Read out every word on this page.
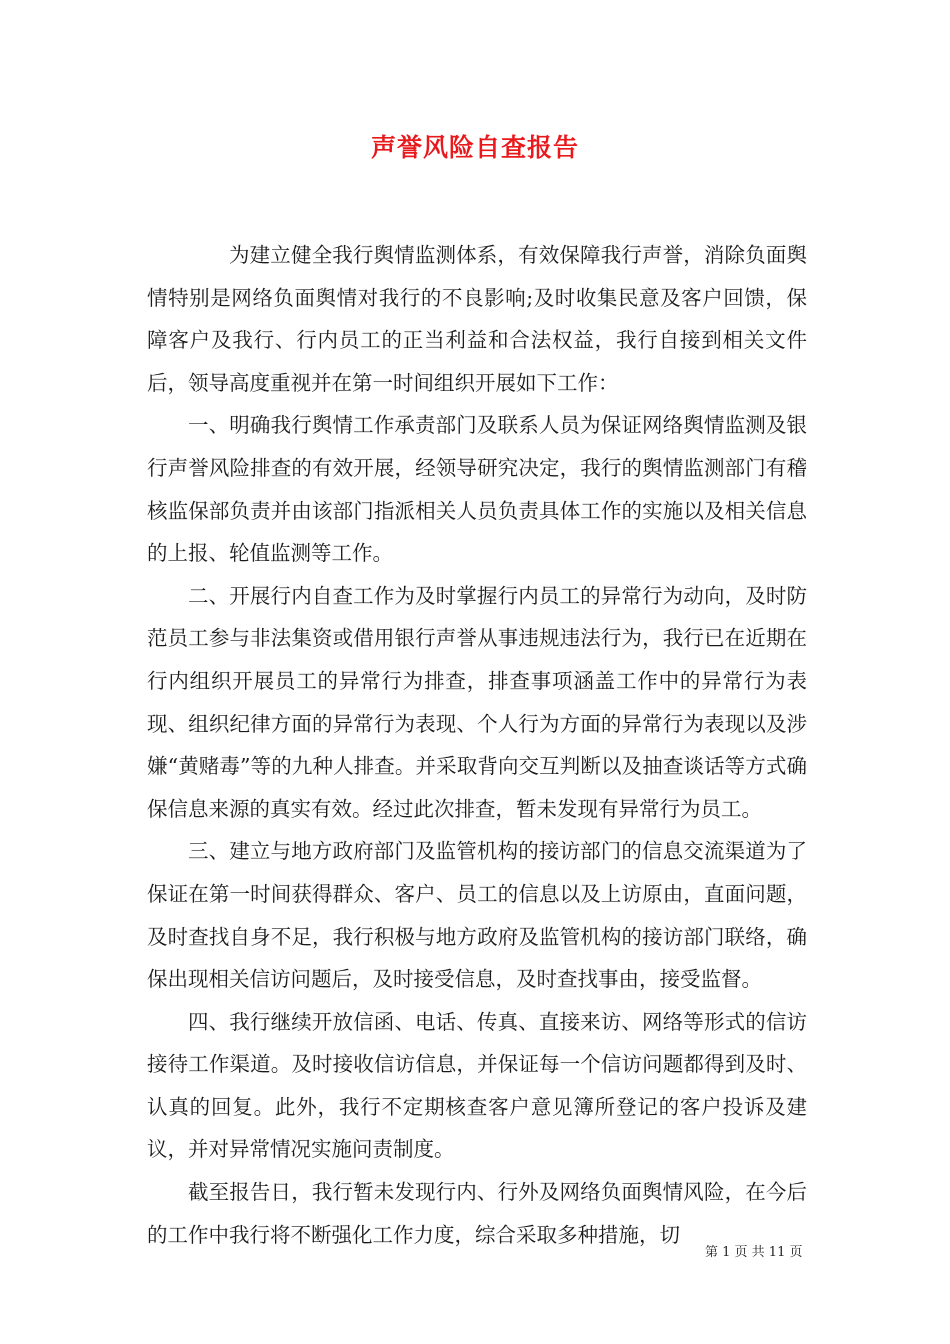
声誉风险自查报告

为建立健全我行舆情监测体系，有效保障我行声誉，消除负面舆情特别是网络负面舆情对我行的不良影响;及时收集民意及客户回馈，保障客户及我行、行内员工的正当利益和合法权益，我行自接到相关文件后，领导高度重视并在第一时间组织开展如下工作：

一、明确我行舆情工作承责部门及联系人员为保证网络舆情监测及银行声誉风险排查的有效开展，经领导研究决定，我行的舆情监测部门有稽核监保部负责并由该部门指派相关人员负责具体工作的实施以及相关信息的上报、轮值监测等工作。

二、开展行内自查工作为及时掌握行内员工的异常行为动向，及时防范员工参与非法集资或借用银行声誉从事违规违法行为，我行已在近期在行内组织开展员工的异常行为排查，排查事项涵盖工作中的异常行为表现、组织纪律方面的异常行为表现、个人行为方面的异常行为表现以及涉嫌“黄赌毒”等的九种人排查。并采取背向交互判断以及抽查谈话等方式确保信息来源的真实有效。经过此次排查，暂未发现有异常行为员工。

三、建立与地方政府部门及监管机构的接访部门的信息交流渠道为了保证在第一时间获得群众、客户、员工的信息以及上访原由，直面问题，及时查找自身不足，我行积极与地方政府及监管机构的接访部门联络，确保出现相关信访问题后，及时接受信息，及时查找事由，接受监督。

四、我行继续开放信函、电话、传真、直接来访、网络等形式的信访接待工作渠道。及时接收信访信息，并保证每一个信访问题都得到及时、认真的回复。此外，我行不定期核查客户意见簿所登记的客户投诉及建议，并对异常情况实施问责制度。

截至报告日，我行暂未发现行内、行外及网络负面舆情风险，在今后的工作中我行将不断强化工作力度，综合采取多种措施，切

第 1 页 共 11 页
